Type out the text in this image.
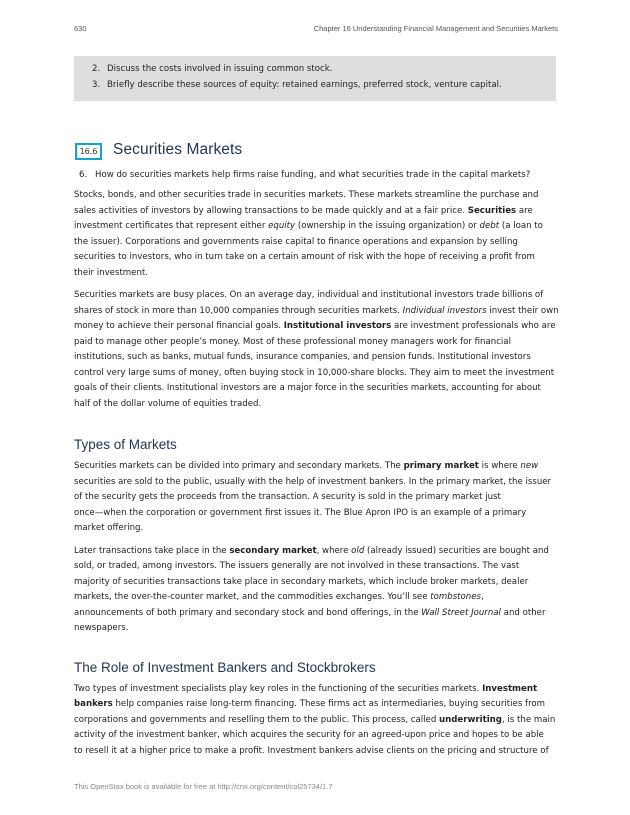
630	Chapter 16 Understanding Financial Management and Securities Markets
2. Discuss the costs involved in issuing common stock.
3. Briefly describe these sources of equity: retained earnings, preferred stock, venture capital.
16.6 Securities Markets
6. How do securities markets help firms raise funding, and what securities trade in the capital markets?

Stocks, bonds, and other securities trade in securities markets. These markets streamline the purchase and
sales activities of investors by allowing transactions to be made quickly and at a fair price. Securities are
investment certificates that represent either equity (ownership in the issuing organization) or debt (a loan to
the issuer). Corporations and governments raise capital to finance operations and expansion by selling
securities to investors, who in turn take on a certain amount of risk with the hope of receiving a profit from
their investment.

Securities markets are busy places. On an average day, individual and institutional investors trade billions of
shares of stock in more than 10,000 companies through securities markets. Individual investors invest their own
money to achieve their personal financial goals. Institutional investors are investment professionals who are
paid to manage other people’s money. Most of these professional money managers work for financial
institutions, such as banks, mutual funds, insurance companies, and pension funds. Institutional investors
control very large sums of money, often buying stock in 10,000-share blocks. They aim to meet the investment
goals of their clients. Institutional investors are a major force in the securities markets, accounting for about
half of the dollar volume of equities traded.

Types of Markets

Securities markets can be divided into primary and secondary markets. The primary market is where new
securities are sold to the public, usually with the help of investment bankers. In the primary market, the issuer
of the security gets the proceeds from the transaction. A security is sold in the primary market just
once—when the corporation or government first issues it. The Blue Apron IPO is an example of a primary
market offering.

Later transactions take place in the secondary market, where old (already issued) securities are bought and
sold, or traded, among investors. The issuers generally are not involved in these transactions. The vast
majority of securities transactions take place in secondary markets, which include broker markets, dealer
markets, the over-the-counter market, and the commodities exchanges. You’ll see tombstones,
announcements of both primary and secondary stock and bond offerings, in the Wall Street Journal and other
newspapers.

The Role of Investment Bankers and Stockbrokers

Two types of investment specialists play key roles in the functioning of the securities markets. Investment
bankers help companies raise long-term financing. These firms act as intermediaries, buying securities from
corporations and governments and reselling them to the public. This process, called underwriting, is the main
activity of the investment banker, which acquires the security for an agreed-upon price and hopes to be able
to resell it at a higher price to make a profit. Investment bankers advise clients on the pricing and structure of

This OpenStax book is available for free at http://cnx.org/content/col25734/1.7
